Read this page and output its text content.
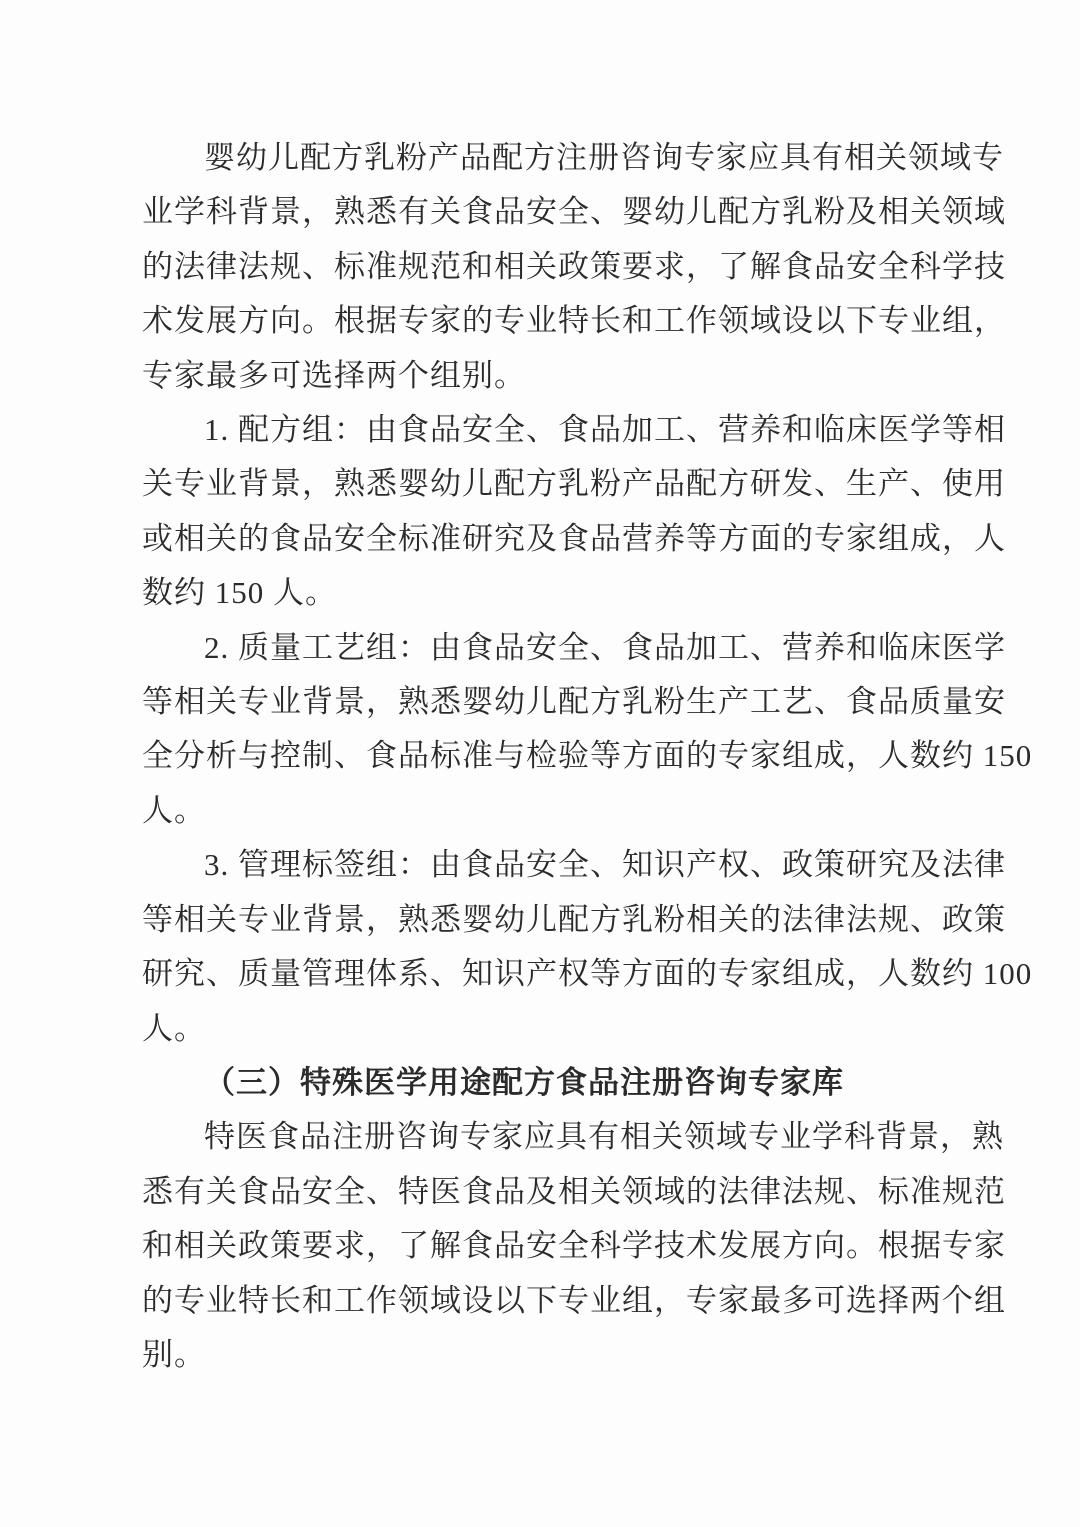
婴幼儿配方乳粉产品配方注册咨询专家应具有相关领域专
业学科背景，熟悉有关食品安全、婴幼儿配方乳粉及相关领域
的法律法规、标准规范和相关政策要求，了解食品安全科学技
术发展方向。根据专家的专业特长和工作领域设以下专业组，
专家最多可选择两个组别。

1. 配方组：由食品安全、食品加工、营养和临床医学等相
关专业背景，熟悉婴幼儿配方乳粉产品配方研发、生产、使用
或相关的食品安全标准研究及食品营养等方面的专家组成，人
数约 150 人。

2. 质量工艺组：由食品安全、食品加工、营养和临床医学
等相关专业背景，熟悉婴幼儿配方乳粉生产工艺、食品质量安
全分析与控制、食品标准与检验等方面的专家组成，人数约 150
人。

3. 管理标签组：由食品安全、知识产权、政策研究及法律
等相关专业背景，熟悉婴幼儿配方乳粉相关的法律法规、政策
研究、质量管理体系、知识产权等方面的专家组成，人数约 100
人。

（三）特殊医学用途配方食品注册咨询专家库

特医食品注册咨询专家应具有相关领域专业学科背景，熟
悉有关食品安全、特医食品及相关领域的法律法规、标准规范
和相关政策要求，了解食品安全科学技术发展方向。根据专家
的专业特长和工作领域设以下专业组，专家最多可选择两个组
别。
